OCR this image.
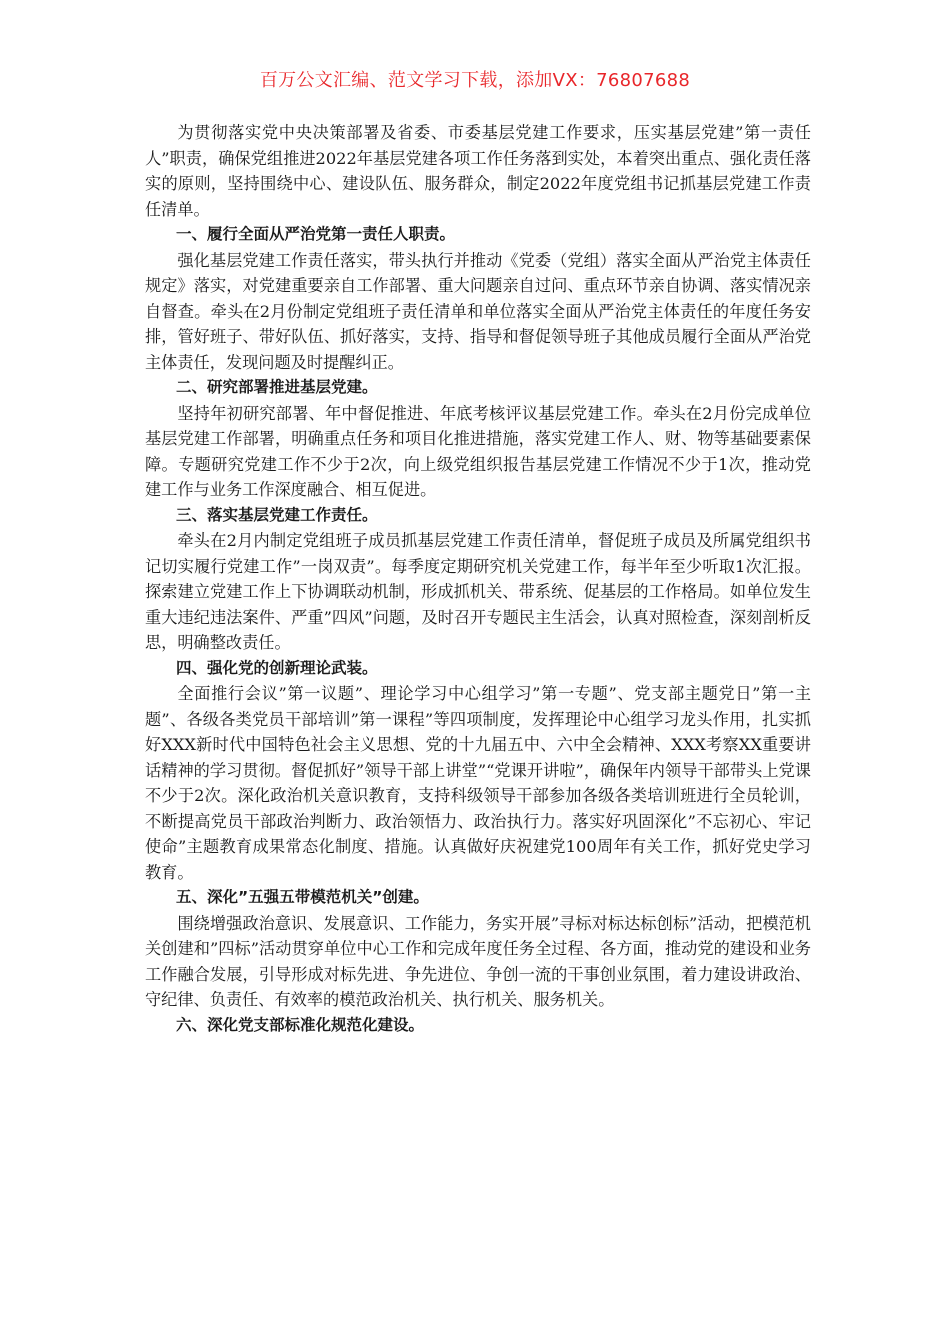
百万公文汇编、范文学习下载，添加VX：76807688

为贯彻落实党中央决策部署及省委、市委基层党建工作要求，压实基层党建”第一责任人”职责，确保党组推进2022年基层党建各项工作任务落到实处，本着突出重点、强化责任落实的原则，坚持围绕中心、建设队伍、服务群众，制定2022年度党组书记抓基层党建工作责任清单。

一、履行全面从严治党第一责任人职责。

强化基层党建工作责任落实，带头执行并推动《党委（党组）落实全面从严治党主体责任规定》落实，对党建重要亲自工作部署、重大问题亲自过问、重点环节亲自协调、落实情况亲自督查。牵头在2月份制定党组班子责任清单和单位落实全面从严治党主体责任的年度任务安排，管好班子、带好队伍、抓好落实，支持、指导和督促领导班子其他成员履行全面从严治党主体责任，发现问题及时提醒纠正。

二、研究部署推进基层党建。

坚持年初研究部署、年中督促推进、年底考核评议基层党建工作。牵头在2月份完成单位基层党建工作部署，明确重点任务和项目化推进措施，落实党建工作人、财、物等基础要素保障。专题研究党建工作不少于2次，向上级党组织报告基层党建工作情况不少于1次，推动党建工作与业务工作深度融合、相互促进。

三、落实基层党建工作责任。

牵头在2月内制定党组班子成员抓基层党建工作责任清单，督促班子成员及所属党组织书记切实履行党建工作”一岗双责”。每季度定期研究机关党建工作，每半年至少听取1次汇报。探索建立党建工作上下协调联动机制，形成抓机关、带系统、促基层的工作格局。如单位发生重大违纪违法案件、严重”四风”问题，及时召开专题民主生活会，认真对照检查，深刻剖析反思，明确整改责任。

四、强化党的创新理论武装。

全面推行会议”第一议题”、理论学习中心组学习”第一专题”、党支部主题党日”第一主题”、各级各类党员干部培训”第一课程”等四项制度，发挥理论中心组学习龙头作用，扎实抓好XXX新时代中国特色社会主义思想、党的十九届五中、六中全会精神、XXX考察XX重要讲话精神的学习贯彻。督促抓好”领导干部上讲堂”“党课开讲啦”，确保年内领导干部带头上党课不少于2次。深化政治机关意识教育，支持科级领导干部参加各级各类培训班进行全员轮训，不断提高党员干部政治判断力、政治领悟力、政治执行力。落实好巩固深化”不忘初心、牢记使命”主题教育成果常态化制度、措施。认真做好庆祝建党100周年有关工作，抓好党史学习教育。

五、深化”五强五带模范机关”创建。

围绕增强政治意识、发展意识、工作能力，务实开展”寻标对标达标创标”活动，把模范机关创建和”四标”活动贯穿单位中心工作和完成年度任务全过程、各方面，推动党的建设和业务工作融合发展，引导形成对标先进、争先进位、争创一流的干事创业氛围，着力建设讲政治、守纪律、负责任、有效率的模范政治机关、执行机关、服务机关。

六、深化党支部标准化规范化建设。
